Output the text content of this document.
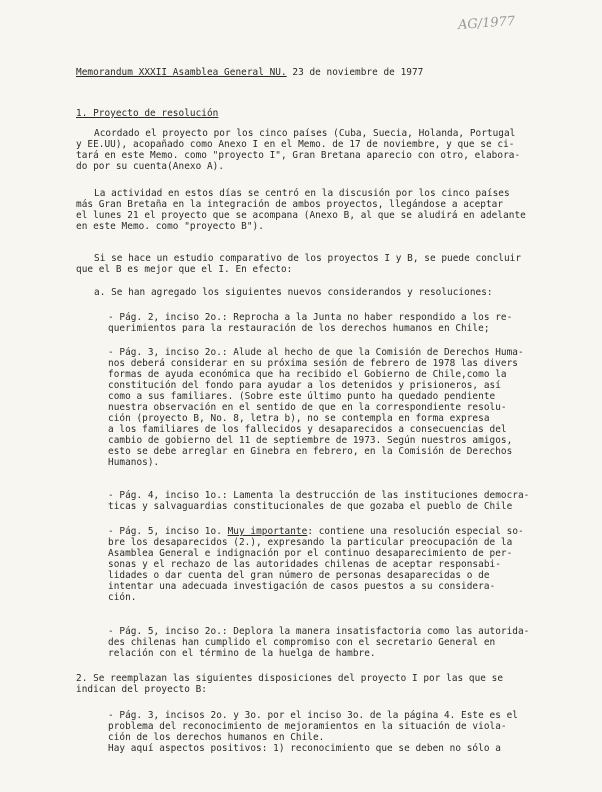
AG/1977
Memorandum XXXII Asamblea General NU. 23 de noviembre de 1977
1. Proyecto de resolución
Acordado el proyecto por los cinco países (Cuba, Suecia, Holanda, Portugal
y EE.UU), acopañado como Anexo I en el Memo. de 17 de noviembre, y que se ci-
tará en este Memo. como "proyecto I", Gran Bretana aparecio con otro, elabora-
do por su cuenta(Anexo A).
La actividad en estos días se centró en la discusión por los cinco países
más Gran Bretaña en la integración de ambos proyectos, llegándose a aceptar
el lunes 21 el proyecto que se acompana (Anexo B, al que se aludirá en adelante
en este Memo. como "proyecto B").
Si se hace un estudio comparativo de los proyectos I y B, se puede concluir
que el B es mejor que el I. En efecto:
a. Se han agregado los siguientes nuevos considerandos y resoluciones:
- Pág. 2, inciso 2o.: Reprocha a la Junta no haber respondido a los re-
querimientos para la restauración de los derechos humanos en Chile;
- Pág. 3, inciso 2o.: Alude al hecho de que la Comisión de Derechos Huma-
nos deberá considerar en su próxima sesión de febrero de 1978 las divers
formas de ayuda económica que ha recibido el Gobierno de Chile,como la
constitución del fondo para ayudar a los detenidos y prisioneros, así
como a sus familiares. (Sobre este último punto ha quedado pendiente
nuestra observación en el sentido de que en la correspondiente resolu-
ción (proyecto B, No. 8, letra b), no se contempla en forma expresa
a los familiares de los fallecidos y desaparecidos a consecuencias del
cambio de gobierno del 11 de septiembre de 1973. Según nuestros amigos,
esto se debe arreglar en Ginebra en febrero, en la Comisión de Derechos
Humanos).
- Pág. 4, inciso 1o.: Lamenta la destrucción de las instituciones democra-
ticas y salvaguardias constitucionales de que gozaba el pueblo de Chile
- Pág. 5, inciso 1o. Muy importante: contiene una resolución especial so-
bre los desaparecidos (2.), expresando la particular preocupación de la
Asamblea General e indignación por el continuo desaparecimiento de per-
sonas y el rechazo de las autoridades chilenas de aceptar responsabi-
lidades o dar cuenta del gran número de personas desaparecidas o de
intentar una adecuada investigación de casos puestos a su considera-
ción.
- Pág. 5, inciso 2o.: Deplora la manera insatisfactoria como las autorida-
des chilenas han cumplido el compromiso con el secretario General en
relación con el término de la huelga de hambre.
2. Se reemplazan las siguientes disposiciones del proyecto I por las que se
indican del proyecto B:
- Pág. 3, incisos 2o. y 3o. por el inciso 3o. de la página 4. Este es el
problema del reconocimiento de mejoramientos en la situación de viola-
ción de los derechos humanos en Chile.
Hay aquí aspectos positivos: 1) reconocimiento que se deben no sólo a
